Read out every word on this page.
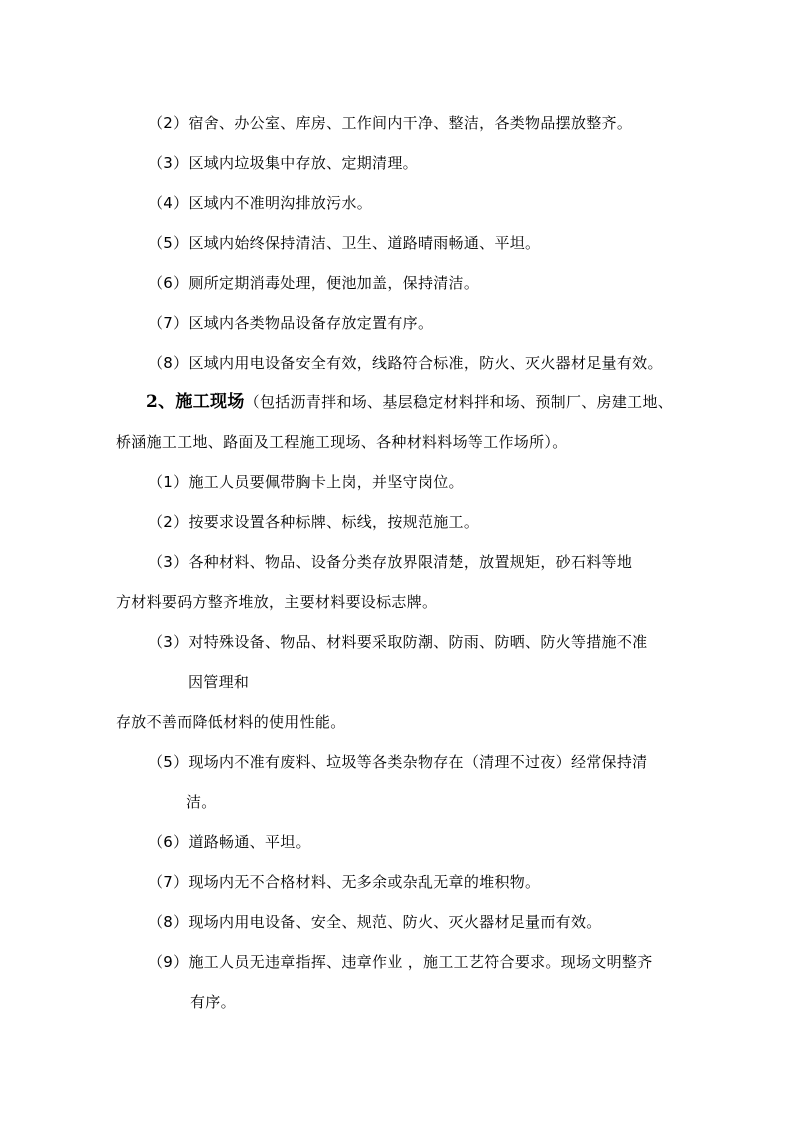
（2）宿舍、办公室、库房、工作间内干净、整洁，各类物品摆放整齐。
（3）区域内垃圾集中存放、定期清理。
（4）区域内不准明沟排放污水。
（5）区域内始终保持清洁、卫生、道路晴雨畅通、平坦。
（6）厕所定期消毒处理，便池加盖，保持清洁。
（7）区域内各类物品设备存放定置有序。
（8）区域内用电设备安全有效，线路符合标准，防火、灭火器材足量有效。
2、施工现场（包括沥青拌和场、基层稳定材料拌和场、预制厂、房建工地、
桥涵施工工地、路面及工程施工现场、各种材料料场等工作场所）。
（1）施工人员要佩带胸卡上岗，并坚守岗位。
（2）按要求设置各种标牌、标线，按规范施工。
（3）各种材料、物品、设备分类存放界限清楚，放置规矩，砂石料等地
方材料要码方整齐堆放，主要材料要设标志牌。
（3）对特殊设备、物品、材料要采取防潮、防雨、防晒、防火等措施不准
因管理和
存放不善而降低材料的使用性能。
（5）现场内不准有废料、垃圾等各类杂物存在（清理不过夜）经常保持清
洁。
（6）道路畅通、平坦。
（7）现场内无不合格材料、无多余或杂乱无章的堆积物。
（8）现场内用电设备、安全、规范、防火、灭火器材足量而有效。
（9）施工人员无违章指挥、违章作业 ，施工工艺符合要求。现场文明整齐
有序。
